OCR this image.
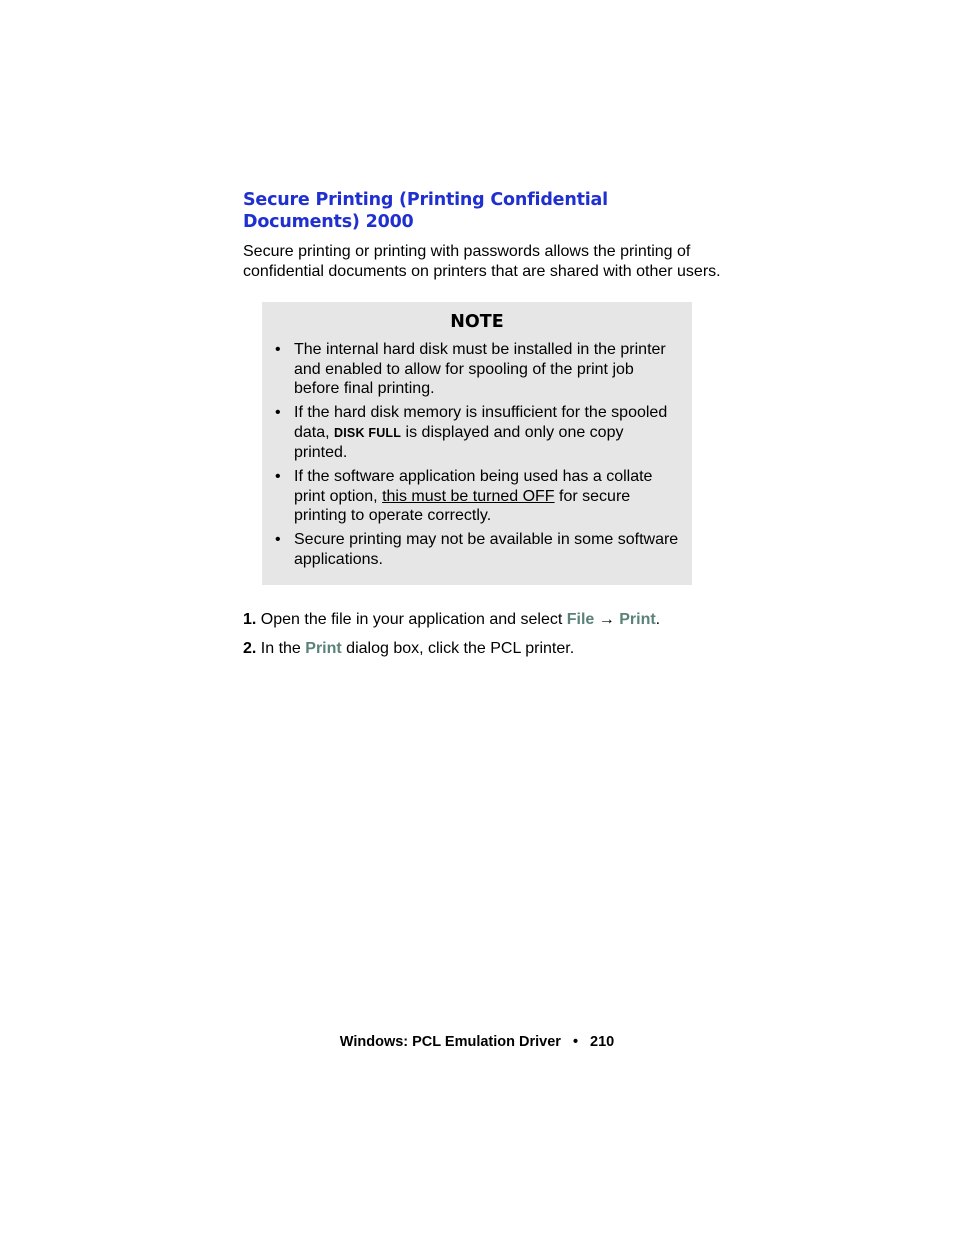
Secure Printing (Printing Confidential Documents) 2000

Secure printing or printing with passwords allows the printing of confidential documents on printers that are shared with other users.

NOTE
• The internal hard disk must be installed in the printer and enabled to allow for spooling of the print job before final printing.
• If the hard disk memory is insufficient for the spooled data, DISK FULL is displayed and only one copy printed.
• If the software application being used has a collate print option, this must be turned OFF for secure printing to operate correctly.
• Secure printing may not be available in some software applications.
1. Open the file in your application and select File → Print.
2. In the Print dialog box, click the PCL printer.
Windows: PCL Emulation Driver • 210
